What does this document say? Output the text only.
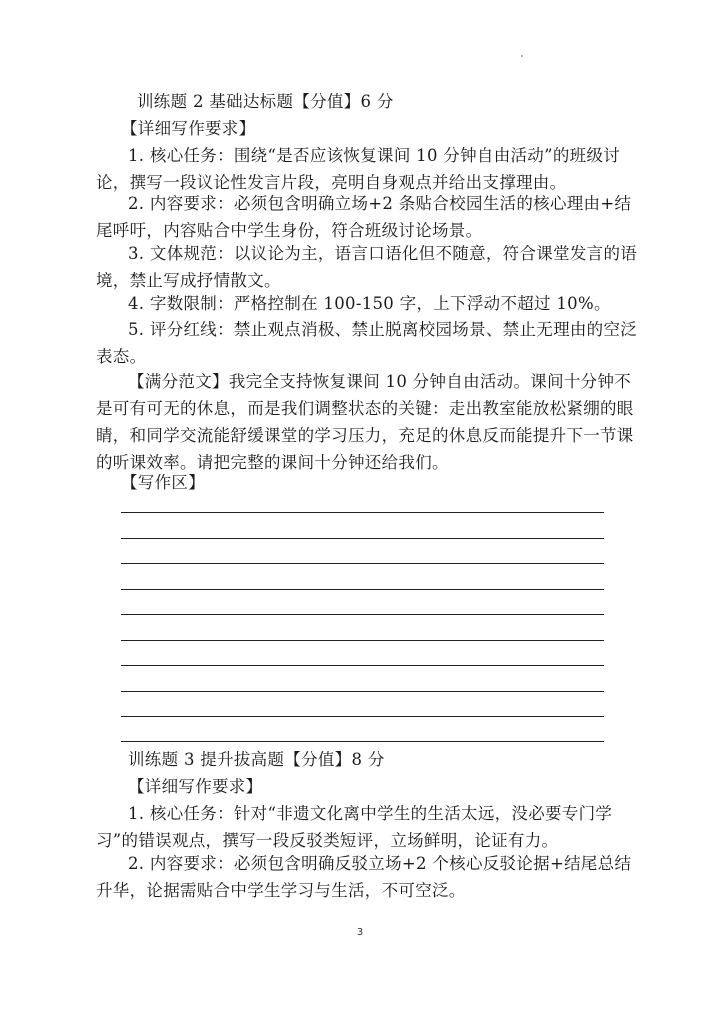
训练题 2 基础达标题【分值】6 分

【详细写作要求】

1. 核心任务：围绕“是否应该恢复课间 10 分钟自由活动”的班级讨论，撰写一段议论性发言片段，亮明自身观点并给出支撑理由。

2. 内容要求：必须包含明确立场+2 条贴合校园生活的核心理由+结尾呼吁，内容贴合中学生身份，符合班级讨论场景。

3. 文体规范：以议论为主，语言口语化但不随意，符合课堂发言的语境，禁止写成抒情散文。

4. 字数限制：严格控制在 100-150 字，上下浮动不超过 10%。

5. 评分红线：禁止观点消极、禁止脱离校园场景、禁止无理由的空泛表态。

【满分范文】我完全支持恢复课间 10 分钟自由活动。课间十分钟不是可有可无的休息，而是我们调整状态的关键：走出教室能放松紧绷的眼睛，和同学交流能舒缓课堂的学习压力，充足的休息反而能提升下一节课的听课效率。请把完整的课间十分钟还给我们。

【写作区】

训练题 3 提升拔高题【分值】8 分

【详细写作要求】

1. 核心任务：针对“非遗文化离中学生的生活太远，没必要专门学习”的错误观点，撰写一段反驳类短评，立场鲜明，论证有力。

2. 内容要求：必须包含明确反驳立场+2 个核心反驳论据+结尾总结升华，论据需贴合中学生学习与生活，不可空泛。

3
